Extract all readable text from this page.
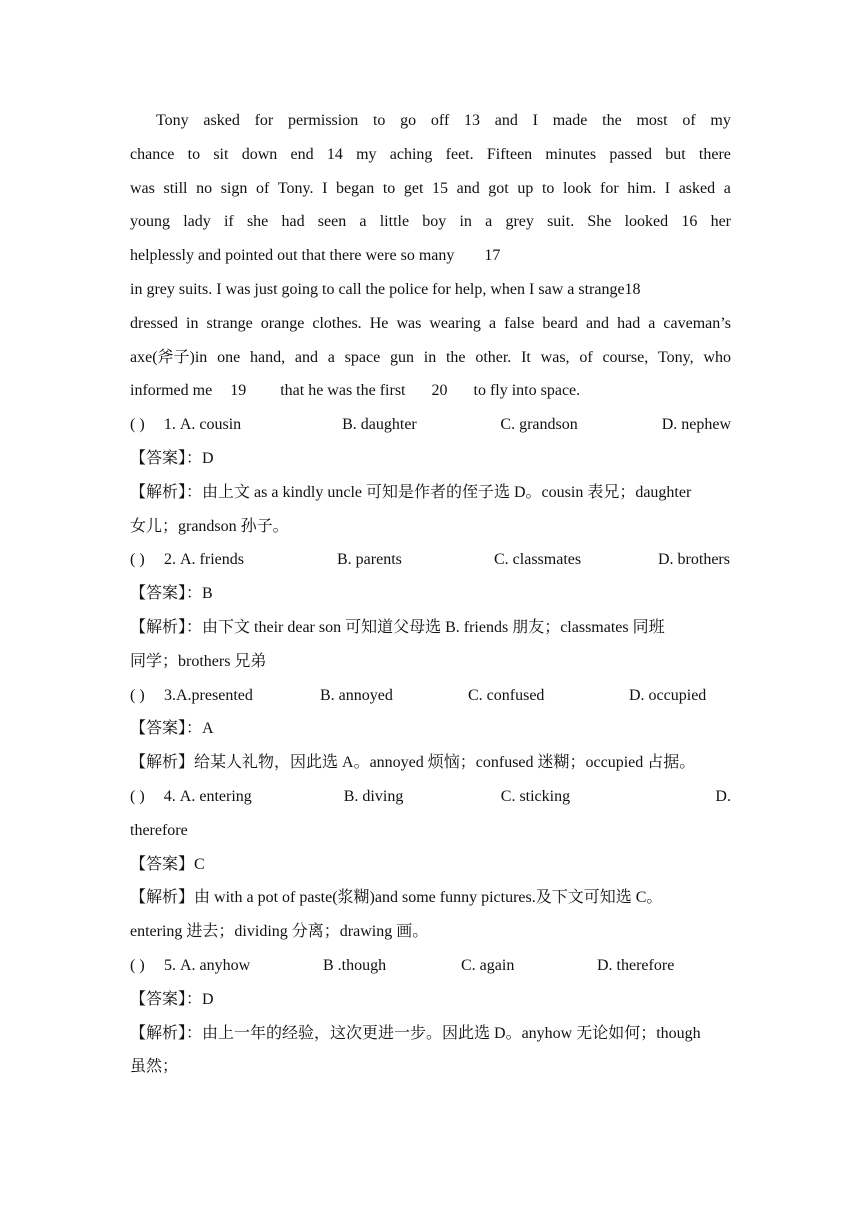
Tony asked for permission to go off 13 and I made the most of my
chance to sit down end 14 my aching feet. Fifteen minutes passed but there
was still no sign of Tony. I began to get 15 and got up to look for him. I asked a
young lady if she had seen a little boy in a grey suit. She looked 16 her
helplessly and pointed out that there were so many 17
in grey suits. I was just going to call the police for help, when I saw a strange18
dressed in strange orange clothes. He was wearing a false beard and had a caveman’s
axe(斧子)in one hand, and a space gun in the other. It was, of course, Tony, who
informed me 19 that he was the first 20 to fly into space.
( )	1. A. cousin	B. daughter	C. grandson	D. nephew
【答案】：D
【解析】：由上文 as a kindly uncle 可知是作者的侄子选 D。cousin 表兄；daughter
女儿；grandson 孙子。
( )	2. A. friends	B. parents	C. classmates	D. brothers
【答案】：B
【解析】：由下文 their dear son 可知道父母选 B. friends 朋友；classmates 同班
同学；brothers 兄弟
( )	3.A.presented	B. annoyed	C. confused	D. occupied
【答案】：A
【解析】给某人礼物，因此选 A。annoyed 烦恼；confused 迷糊；occupied 占据。
( )	4. A. entering	B. diving	C. sticking	D.
therefore
【答案】C
【解析】由 with a pot of paste(浆糊)and some funny pictures.及下文可知选 C。
entering 进去；dividing 分离；drawing 画。
( )	5. A. anyhow	B .though	C. again	D. therefore
【答案】：D
【解析】：由上一年的经验，这次更进一步。因此选 D。anyhow 无论如何；though
虽然；
